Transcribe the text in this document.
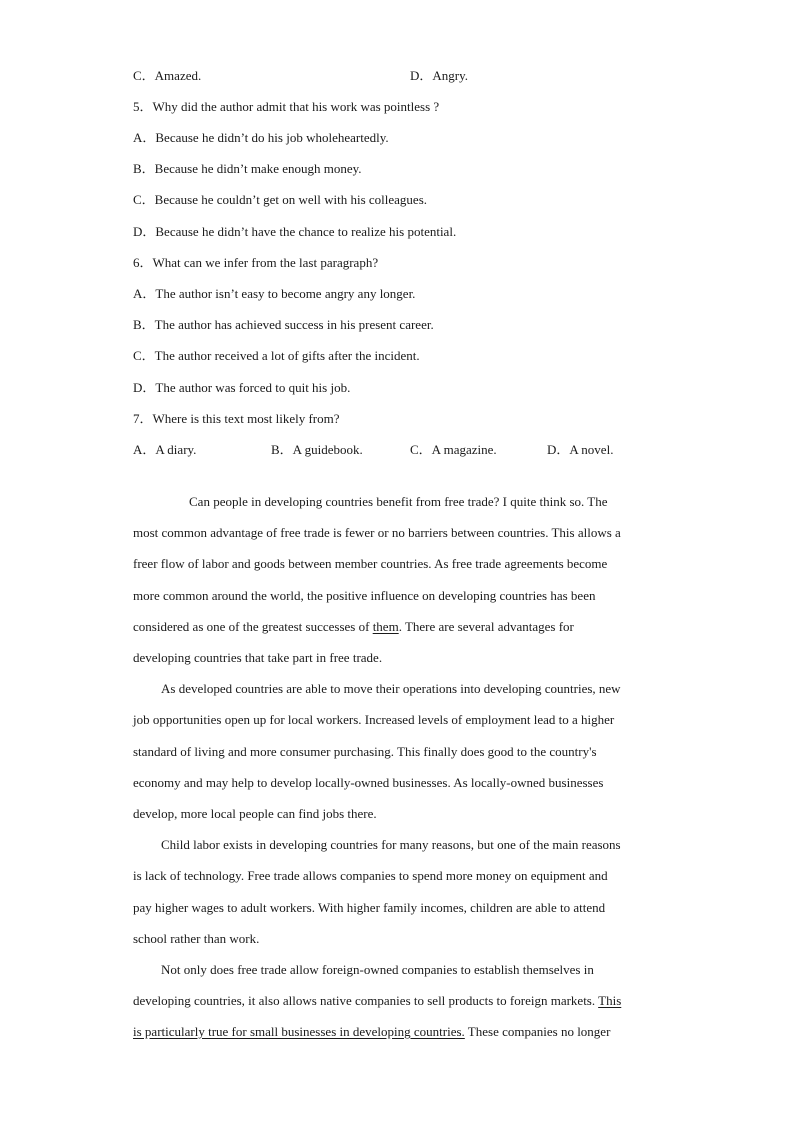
C．Amazed.	D．Angry.
5．Why did the author admit that his work was pointless ?
A．Because he didn’t do his job wholeheartedly.
B．Because he didn’t make enough money.
C．Because he couldn’t get on well with his colleagues.
D．Because he didn’t have the chance to realize his potential.
6．What can we infer from the last paragraph?
A．The author isn’t easy to become angry any longer.
B．The author has achieved success in his present career.
C．The author received a lot of gifts after the incident.
D．The author was forced to quit his job.
7．Where is this text most likely from?
A．A diary.	B．A guidebook.	C．A magazine.	D．A novel.
Can people in developing countries benefit from free trade? I quite think so. The
most common advantage of free trade is fewer or no barriers between countries. This allows a
freer flow of labor and goods between member countries. As free trade agreements become
more common around the world, the positive influence on developing countries has been
considered as one of the greatest successes of them. There are several advantages for
developing countries that take part in free trade.
As developed countries are able to move their operations into developing countries, new
job opportunities open up for local workers. Increased levels of employment lead to a higher
standard of living and more consumer purchasing. This finally does good to the country's
economy and may help to develop locally-owned businesses. As locally-owned businesses
develop, more local people can find jobs there.
Child labor exists in developing countries for many reasons, but one of the main reasons
is lack of technology. Free trade allows companies to spend more money on equipment and
pay higher wages to adult workers. With higher family incomes, children are able to attend
school rather than work.
Not only does free trade allow foreign-owned companies to establish themselves in
developing countries, it also allows native companies to sell products to foreign markets. This
is particularly true for small businesses in developing countries. These companies no longer
